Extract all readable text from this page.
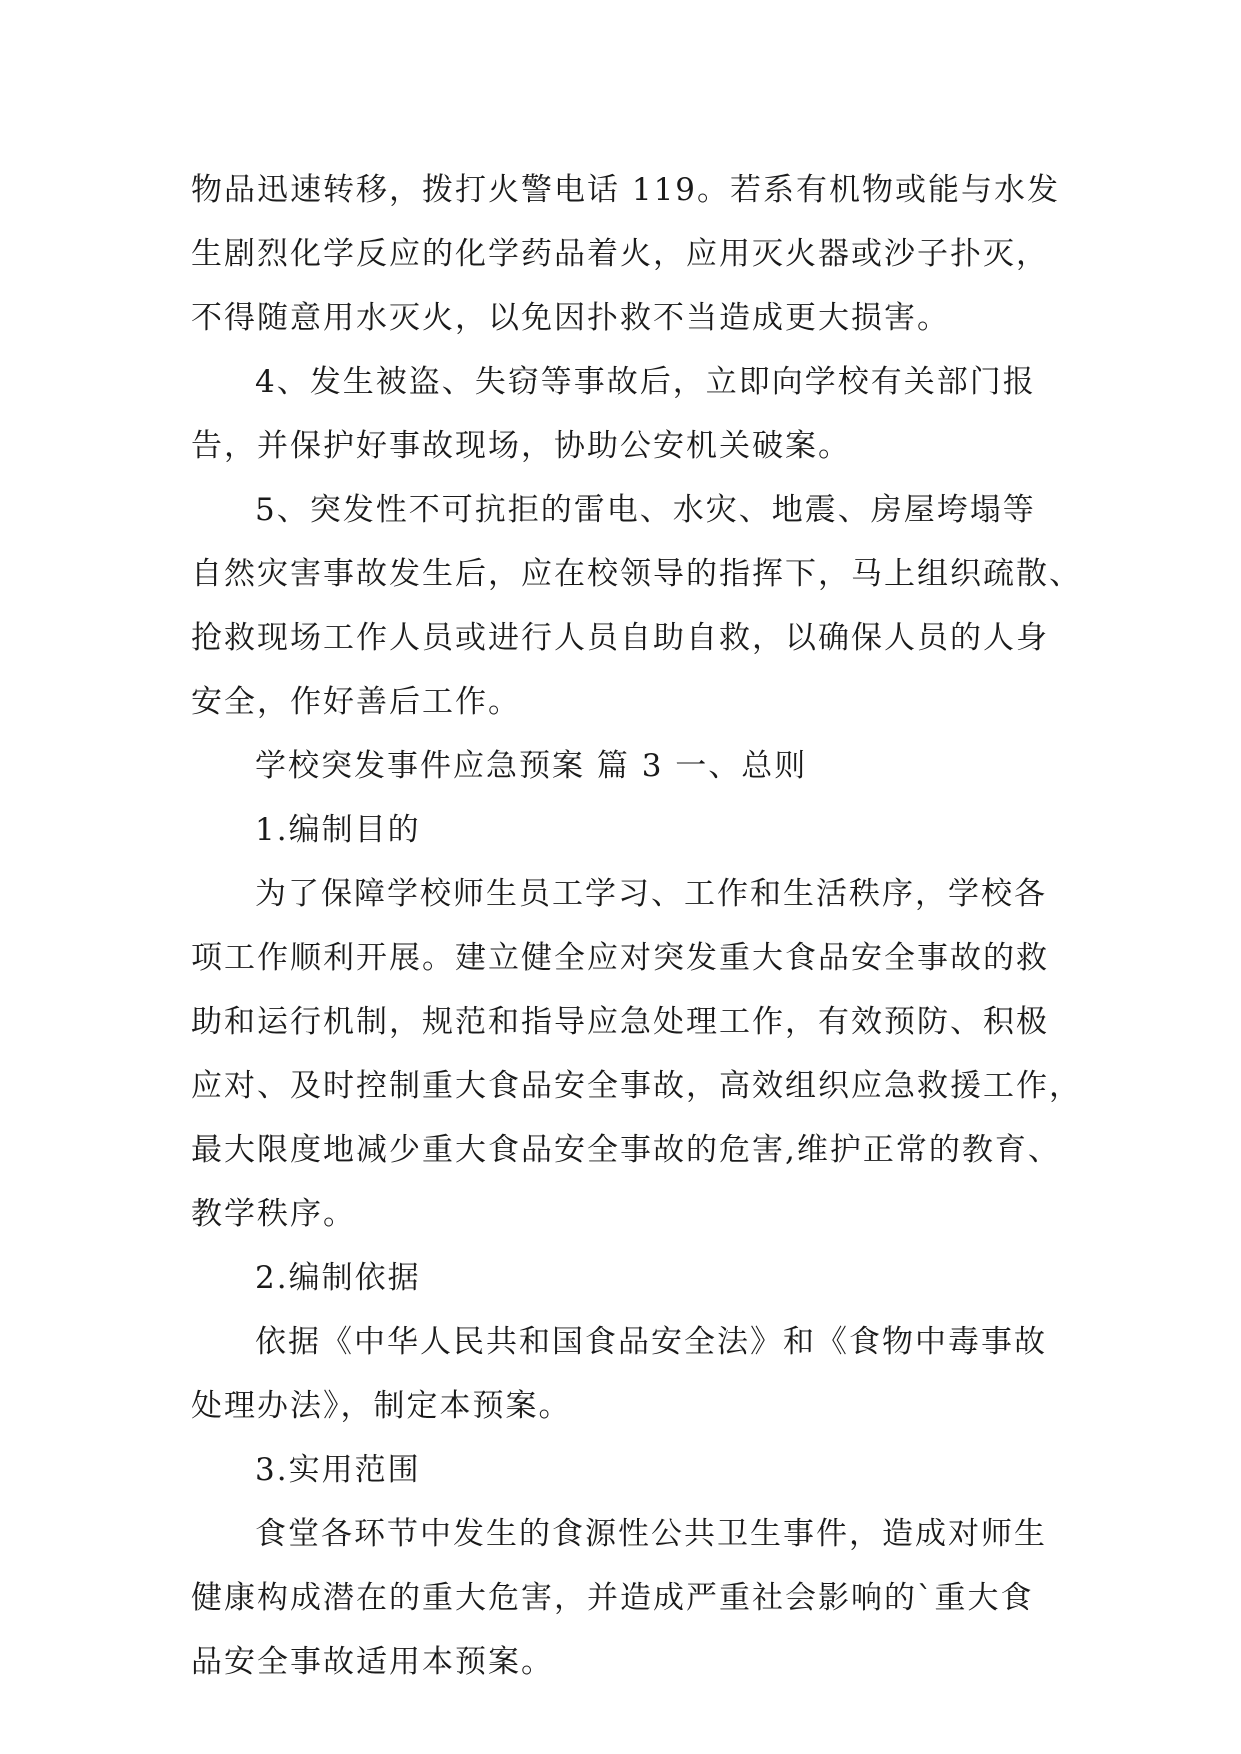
物品迅速转移，拨打火警电话 119。若系有机物或能与水发
生剧烈化学反应的化学药品着火，应用灭火器或沙子扑灭，
不得随意用水灭火，以免因扑救不当造成更大损害。
4、发生被盗、失窃等事故后，立即向学校有关部门报
告，并保护好事故现场，协助公安机关破案。
5、突发性不可抗拒的雷电、水灾、地震、房屋垮塌等
自然灾害事故发生后，应在校领导的指挥下，马上组织疏散、
抢救现场工作人员或进行人员自助自救，以确保人员的人身
安全，作好善后工作。
学校突发事件应急预案 篇 3 一、总则
1.编制目的
为了保障学校师生员工学习、工作和生活秩序，学校各
项工作顺利开展。建立健全应对突发重大食品安全事故的救
助和运行机制，规范和指导应急处理工作，有效预防、积极
应对、及时控制重大食品安全事故，高效组织应急救援工作，
最大限度地减少重大食品安全事故的危害,维护正常的教育、
教学秩序。
2.编制依据
依据《中华人民共和国食品安全法》和《食物中毒事故
处理办法》，制定本预案。
3.实用范围
食堂各环节中发生的食源性公共卫生事件，造成对师生
健康构成潜在的重大危害，并造成严重社会影响的`重大食
品安全事故适用本预案。
